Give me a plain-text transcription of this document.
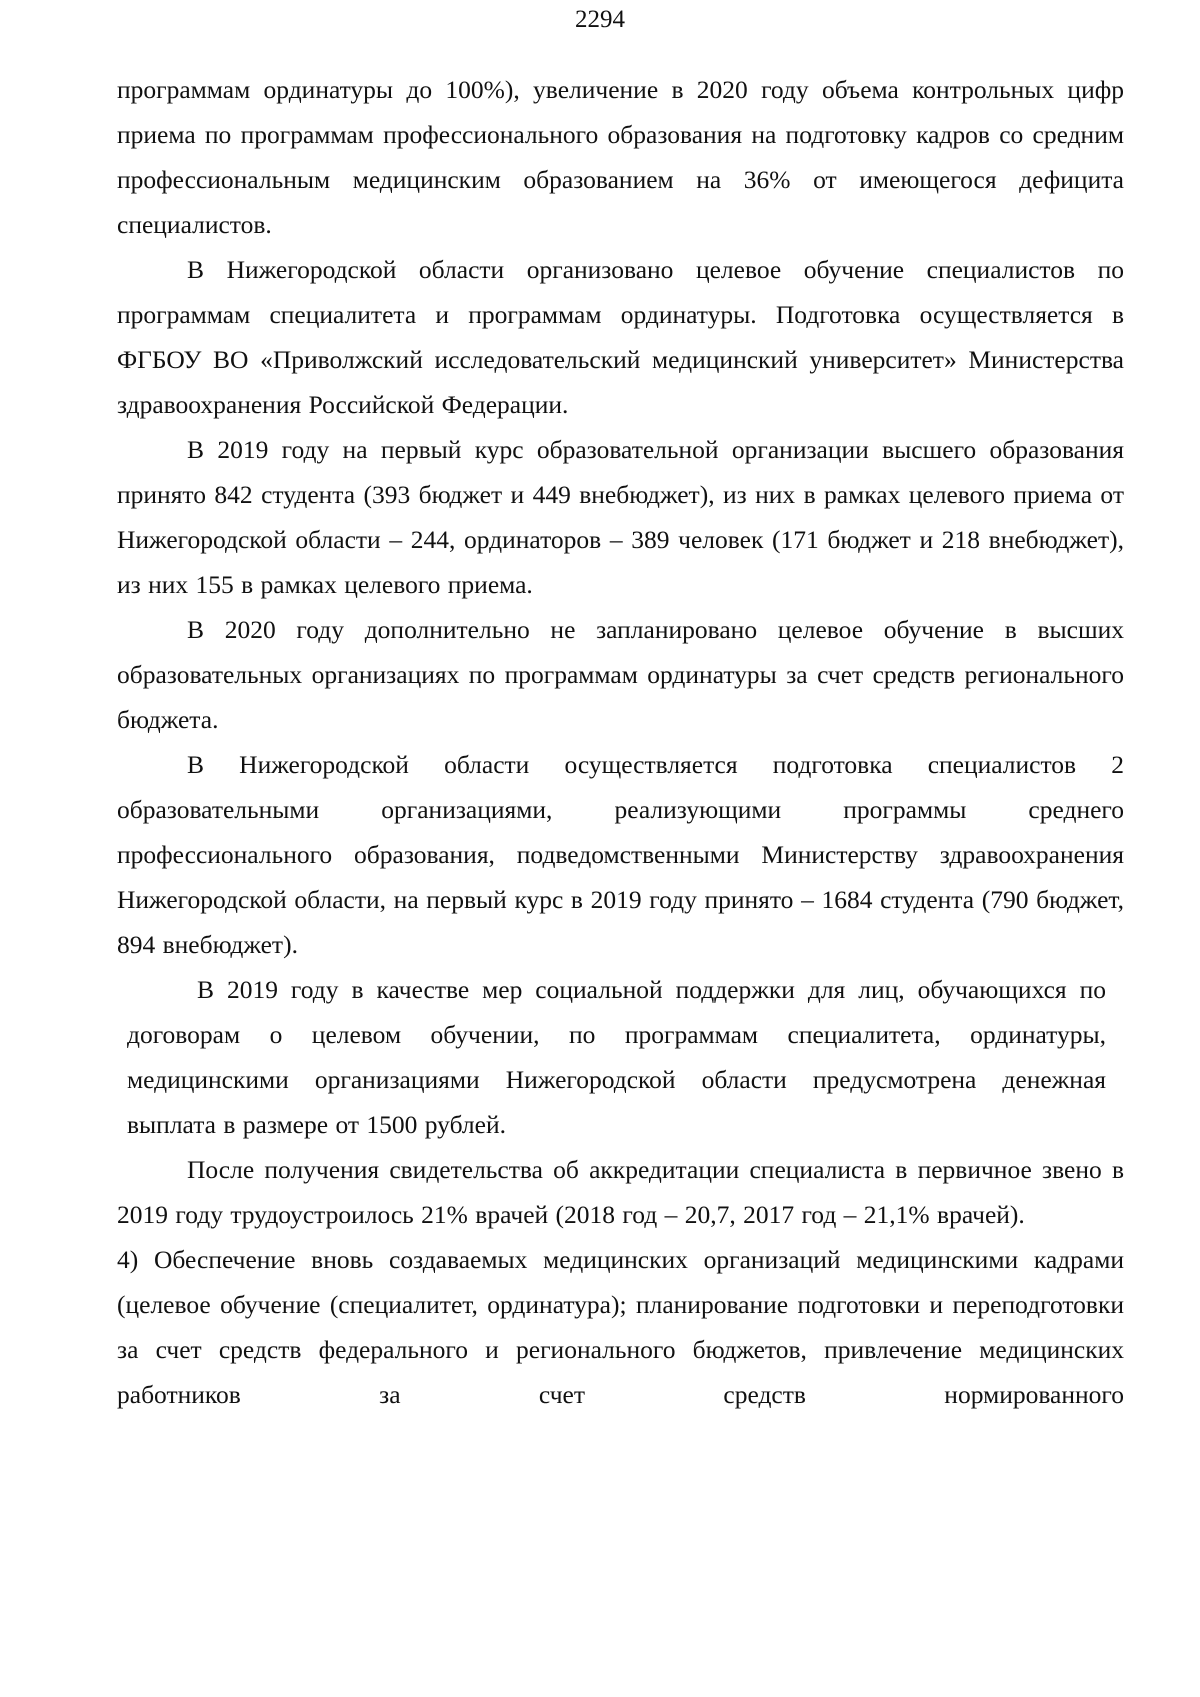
2294

программам ординатуры до 100%), увеличение в 2020 году объема контрольных цифр приема по программам профессионального образования на подготовку кадров со средним профессиональным медицинским образованием на 36% от имеющегося дефицита специалистов.

В Нижегородской области организовано целевое обучение специалистов по программам специалитета и программам ординатуры. Подготовка осуществляется в ФГБОУ ВО «Приволжский исследовательский медицинский университет» Министерства здравоохранения Российской Федерации.

В 2019 году на первый курс образовательной организации высшего образования принято 842 студента (393 бюджет и 449 внебюджет), из них в рамках целевого приема от Нижегородской области – 244, ординаторов – 389 человек (171 бюджет и 218 внебюджет), из них 155 в рамках целевого приема.

В 2020 году дополнительно не запланировано целевое обучение в высших образовательных организациях по программам ординатуры за счет средств регионального бюджета.

В Нижегородской области осуществляется подготовка специалистов 2 образовательными организациями, реализующими программы среднего профессионального образования, подведомственными Министерству здравоохранения Нижегородской области, на первый курс в 2019 году принято – 1684 студента (790 бюджет, 894 внебюджет).

В 2019 году в качестве мер социальной поддержки для лиц, обучающихся по договорам о целевом обучении, по программам специалитета, ординатуры, медицинскими организациями Нижегородской области предусмотрена денежная выплата в размере от 1500 рублей.

После получения свидетельства об аккредитации специалиста в первичное звено в 2019 году трудоустроилось 21% врачей (2018 год – 20,7, 2017 год – 21,1% врачей).

4) Обеспечение вновь создаваемых медицинских организаций медицинскими кадрами (целевое обучение (специалитет, ординатура); планирование подготовки и переподготовки за счет средств федерального и регионального бюджетов, привлечение медицинских работников за счет средств нормированного
